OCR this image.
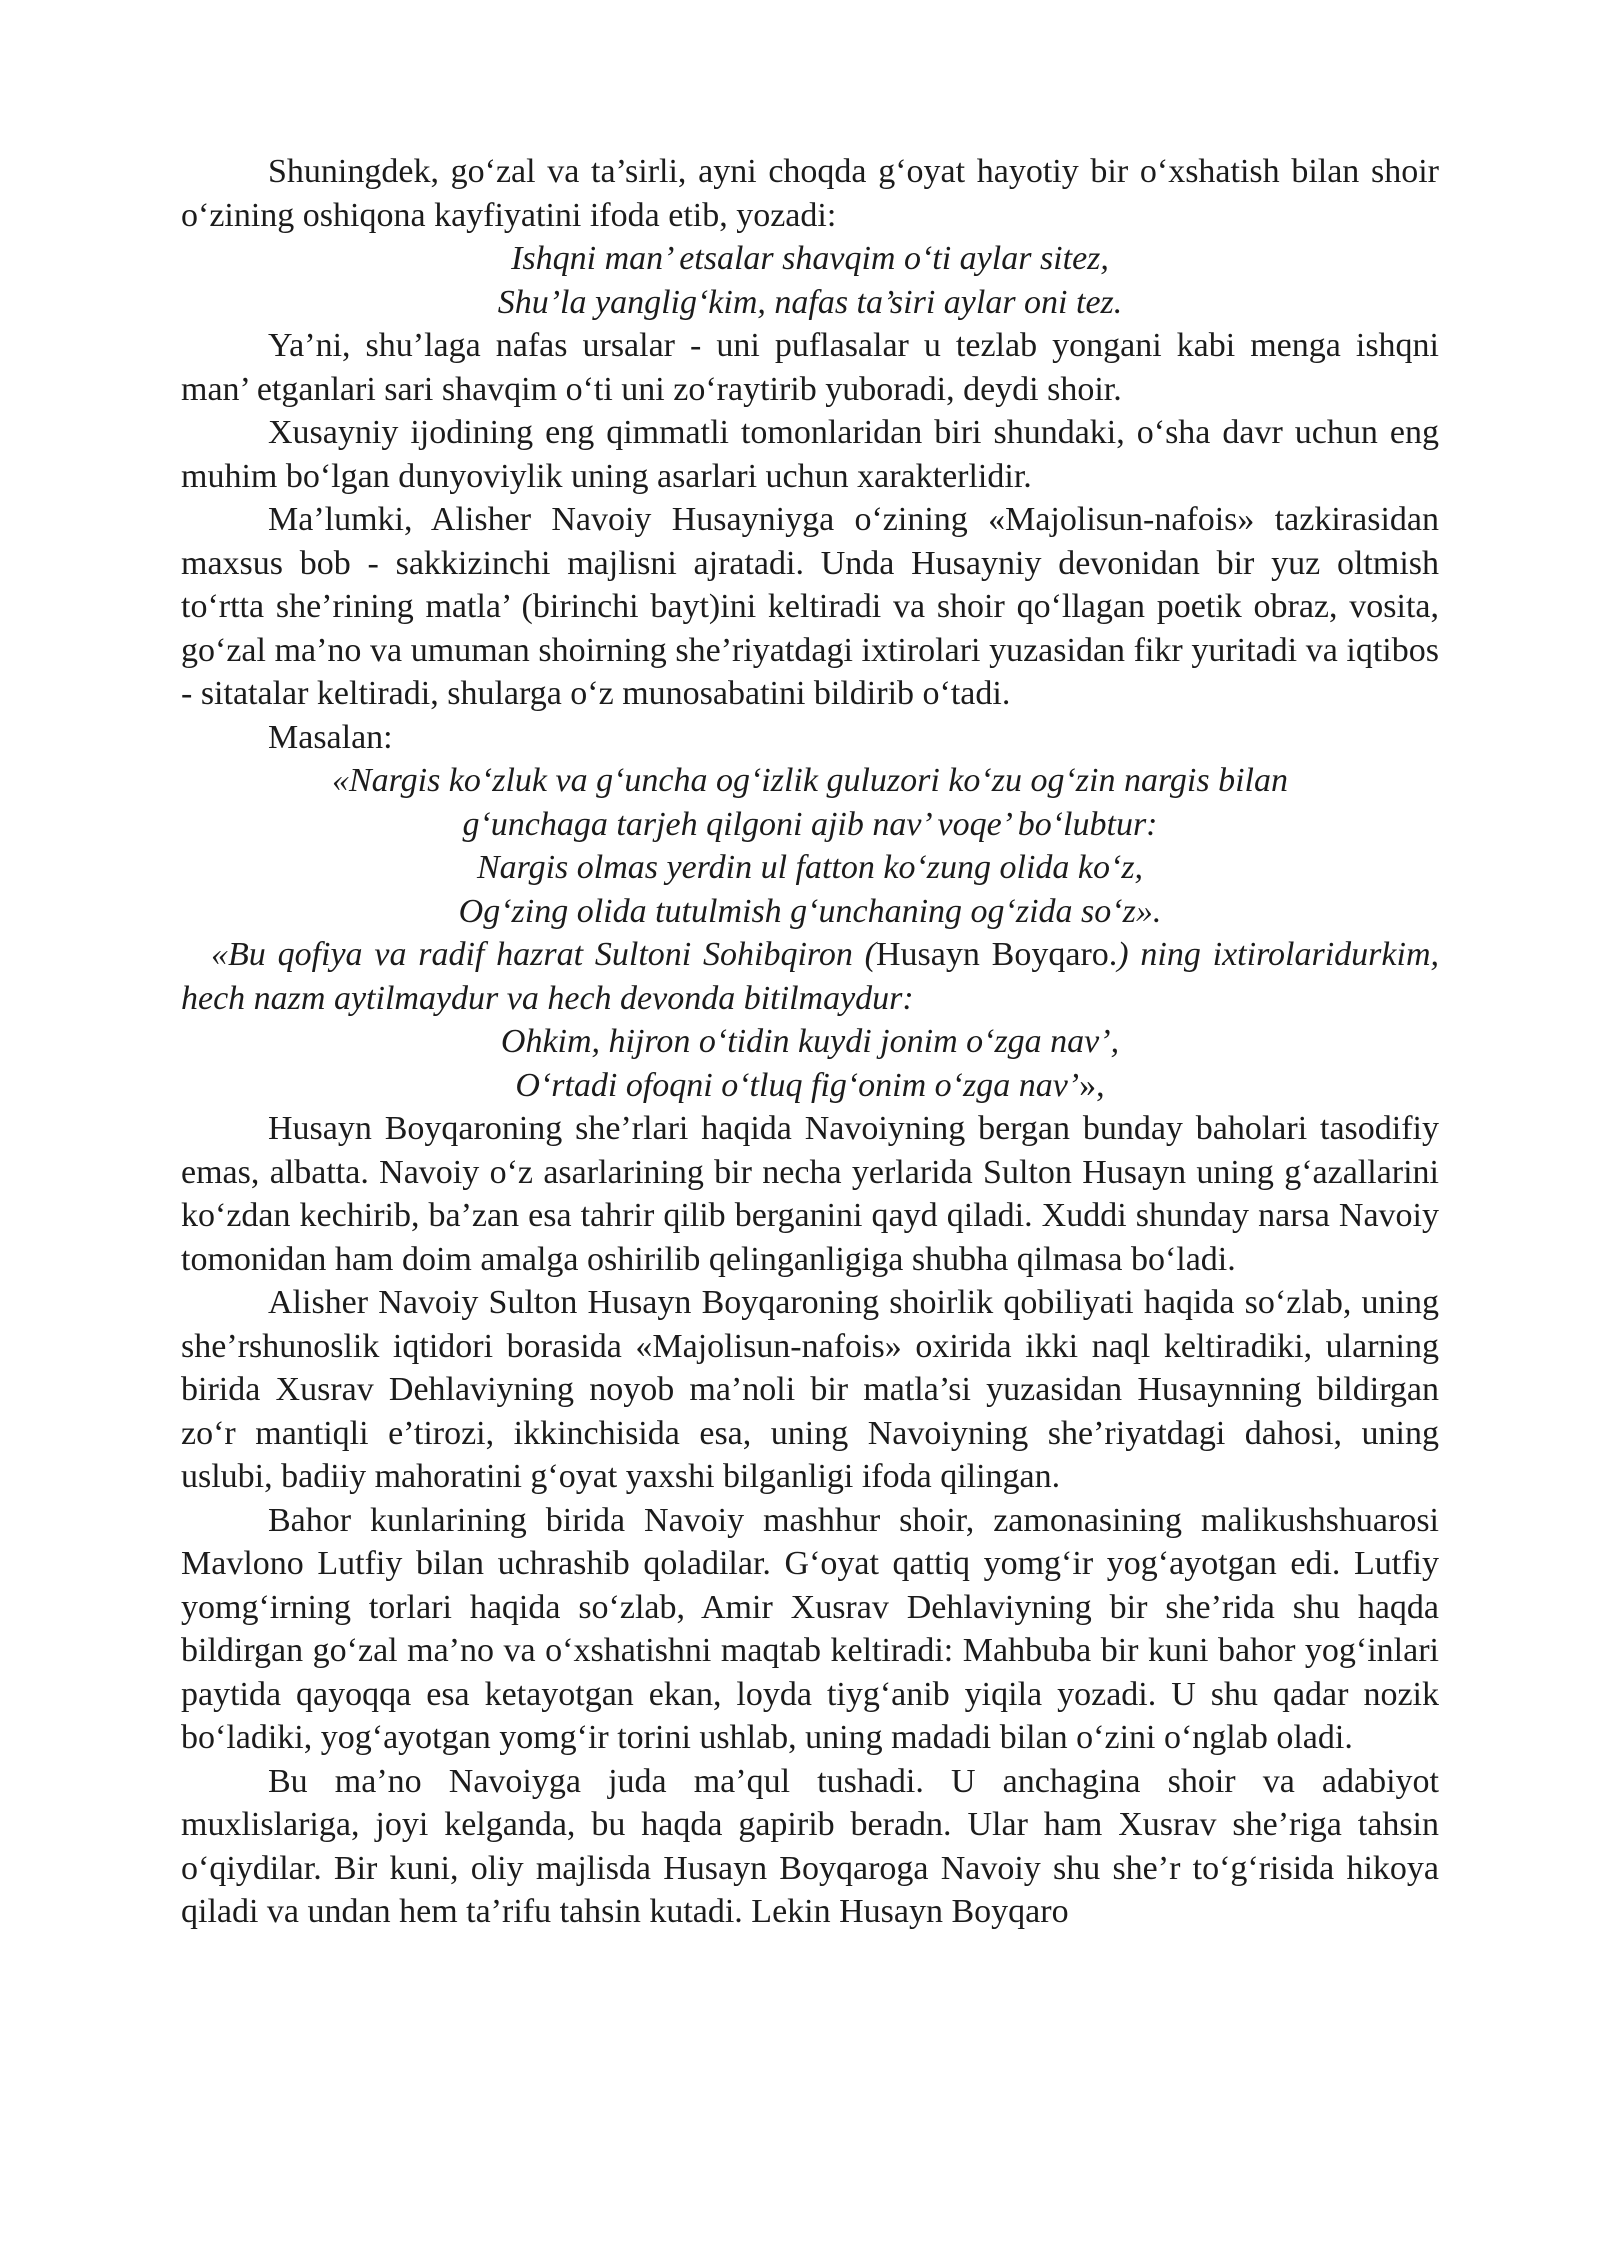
Shuningdek, go‘zal va ta’sirli, ayni choqda g‘oyat hayotiy bir o‘xshatish bilan shoir o‘zining oshiqona kayfiyatini ifoda etib, yozadi:

Ishqni man’ etsalar shavqim o‘ti aylar sitez,
Shu’la yanglig‘kim, nafas ta’siri aylar oni tez.

Ya’ni, shu’laga nafas ursalar - uni puflasalar u tezlab yongani kabi menga ishqni man’ etganlari sari shavqim o‘ti uni zo‘raytirib yuboradi, deydi shoir.

Xusayniy ijodining eng qimmatli tomonlaridan biri shundaki, o‘sha davr uchun eng muhim bo‘lgan dunyoviylik uning asarlari uchun xarakterlidir.

Ma’lumki, Alisher Navoiy Husayniyga o‘zining «Majolisun-nafois» tazkirasidan maxsus bob - sakkizinchi majlisni ajratadi. Unda Husayniy devonidan bir yuz oltmish to‘rtta she’rining matla’ (birinchi bayt)ini keltiradi va shoir qo‘llagan poetik obraz, vosita, go‘zal ma’no va umuman shoirning she’riyatdagi ixtirolari yuzasidan fikr yuritadi va iqtibos - sitatalar keltiradi, shularga o‘z munosabatini bildirib o‘tadi.

Masalan:

«Nargis ko‘zluk va g‘uncha og‘izlik guluzori ko‘zu og‘zin nargis bilan
g‘unchaga tarjeh qilgoni ajib nav’ voqe’ bo‘lubtur:
Nargis olmas yerdin ul fatton ko‘zung olida ko‘z,
Og‘zing olida tutulmish g‘unchaning og‘zida so‘z».

«Bu qofiya va radif hazrat Sultoni Sohibqiron (Husayn Boyqaro.) ning ixtirolaridurkim, hech nazm aytilmaydur va hech devonda bitilmaydur:

Ohkim, hijron o‘tidin kuydi jonim o‘zga nav’,
O‘rtadi ofoqni o‘tluq fig‘onim o‘zga nav’»,

Husayn Boyqaroning she’rlari haqida Navoiyning bergan bunday baholari tasodifiy emas, albatta. Navoiy o‘z asarlarining bir necha yerlarida Sulton Husayn uning g‘azallarini ko‘zdan kechirib, ba’zan esa tahrir qilib berganini qayd qiladi. Xuddi shunday narsa Navoiy tomonidan ham doim amalga oshirilib qelinganligiga shubha qilmasa bo‘ladi.

Alisher Navoiy Sulton Husayn Boyqaroning shoirlik qobiliyati haqida so‘zlab, uning she’rshunoslik iqtidori borasida «Majolisun-nafois» oxirida ikki naql keltiradiki, ularning birida Xusrav Dehlaviyning noyob ma’noli bir matla’si yuzasidan Husaynning bildirgan zo‘r mantiqli e’tirozi, ikkinchisida esa, uning Navoiyning she’riyatdagi dahosi, uning uslubi, badiiy mahoratini g‘oyat yaxshi bilganligi ifoda qilingan.

Bahor kunlarining birida Navoiy mashhur shoir, zamonasining malikushshuarosi Mavlono Lutfiy bilan uchrashib qoladilar. G‘oyat qattiq yomg‘ir yog‘ayotgan edi. Lutfiy yomg‘irning torlari haqida so‘zlab, Amir Xusrav Dehlaviyning bir she’rida shu haqda bildirgan go‘zal ma’no va o‘xshatishni maqtab keltiradi: Mahbuba bir kuni bahor yog‘inlari paytida qayoqqa esa ketayotgan ekan, loyda tiyg‘anib yiqila yozadi. U shu qadar nozik bo‘ladiki, yog‘ayotgan yomg‘ir torini ushlab, uning madadi bilan o‘zini o‘nglab oladi.

Bu ma’no Navoiyga juda ma’qul tushadi. U anchagina shoir va adabiyot muxlislariga, joyi kelganda, bu haqda gapirib beradn. Ular ham Xusrav she’riga tahsin o‘qiydilar. Bir kuni, oliy majlisda Husayn Boyqaroga Navoiy shu she’r to‘g‘risida hikoya qiladi va undan hem ta’rifu tahsin kutadi. Lekin Husayn Boyqaro
